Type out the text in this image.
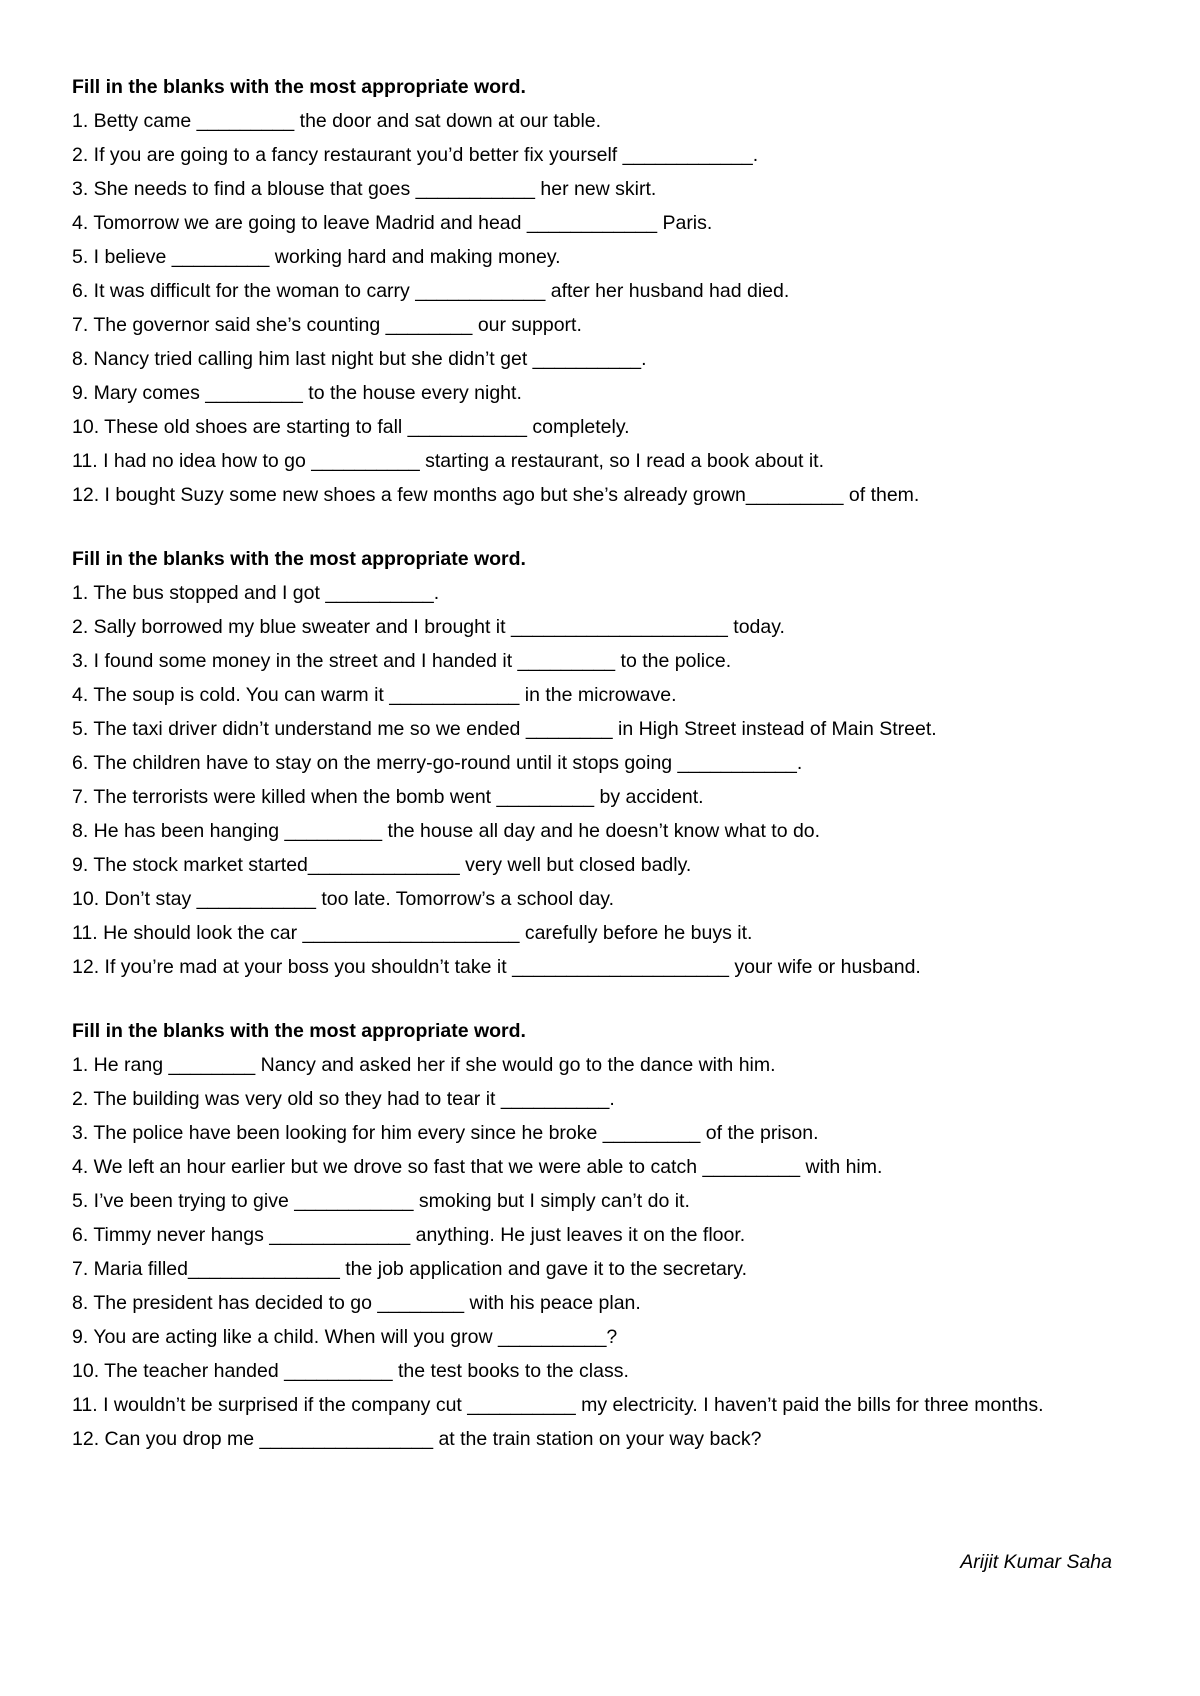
Fill in the blanks with the most appropriate word.
1. Betty came _________ the door and sat down at our table.
2. If you are going to a fancy restaurant you’d better fix yourself ____________.
3. She needs to find a blouse that goes ___________ her new skirt.
4. Tomorrow we are going to leave Madrid and head ____________ Paris.
5. I believe _________ working hard and making money.
6. It was difficult for the woman to carry ____________ after her husband had died.
7. The governor said she’s counting ________ our support.
8. Nancy tried calling him last night but she didn’t get __________.
9. Mary comes _________ to the house every night.
10. These old shoes are starting to fall ___________ completely.
11. I had no idea how to go __________ starting a restaurant, so I read a book about it.
12. I bought Suzy some new shoes a few months ago but she’s already grown_________ of them.
Fill in the blanks with the most appropriate word.
1. The bus stopped and I got __________.
2. Sally borrowed my blue sweater and I brought it ____________________ today.
3. I found some money in the street and I handed it _________ to the police.
4. The soup is cold. You can warm it ____________ in the microwave.
5. The taxi driver didn’t understand me so we ended ________ in High Street instead of Main Street.
6. The children have to stay on the merry-go-round until it stops going ___________.
7. The terrorists were killed when the bomb went _________ by accident.
8. He has been hanging _________ the house all day and he doesn’t know what to do.
9. The stock market started______________ very well but closed badly.
10. Don’t stay ___________ too late. Tomorrow’s a school day.
11. He should look the car ____________________ carefully before he buys it.
12. If you’re mad at your boss you shouldn’t take it ____________________ your wife or husband.
Fill in the blanks with the most appropriate word.
1. He rang ________ Nancy and asked her if she would go to the dance with him.
2. The building was very old so they had to tear it __________.
3. The police have been looking for him every since he broke _________ of the prison.
4. We left an hour earlier but we drove so fast that we were able to catch _________ with him.
5. I’ve been trying to give ___________ smoking but I simply can’t do it.
6. Timmy never hangs _____________ anything. He just leaves it on the floor.
7. Maria filled______________ the job application and gave it to the secretary.
8. The president has decided to go ________ with his peace plan.
9. You are acting like a child. When will you grow __________?
10. The teacher handed __________ the test books to the class.
11. I wouldn’t be surprised if the company cut __________ my electricity. I haven’t paid the bills for three months.
12. Can you drop me ________________ at the train station on your way back?
Arijit Kumar Saha
